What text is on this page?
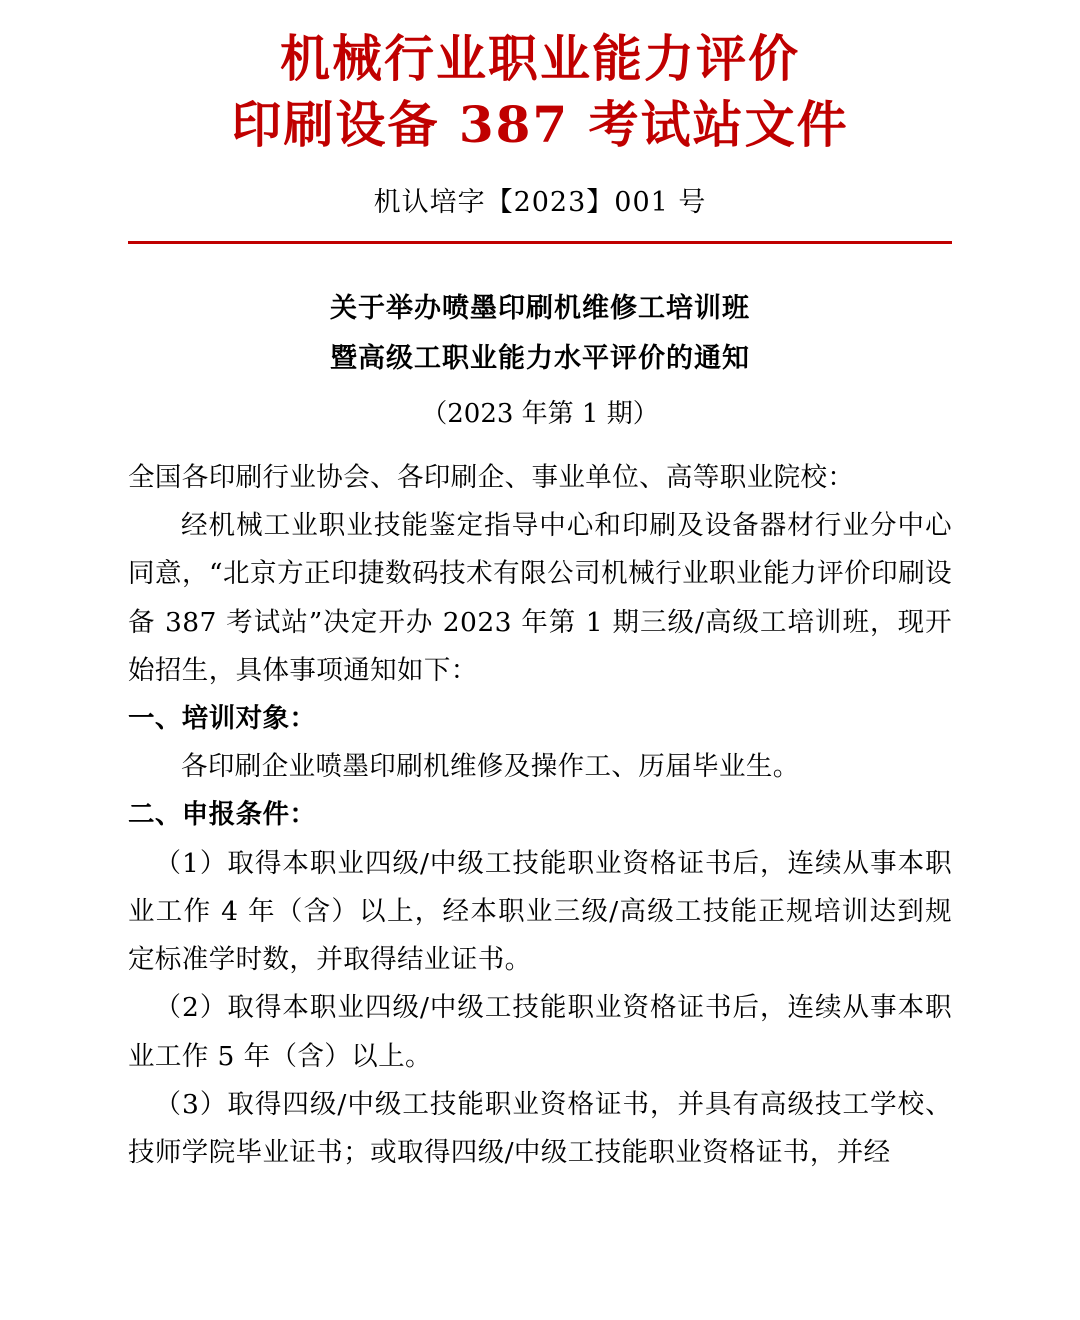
机械行业职业能力评价
印刷设备 387 考试站文件
机认培字【2023】001 号
关于举办喷墨印刷机维修工培训班
暨高级工职业能力水平评价的通知
（2023 年第 1 期）

全国各印刷行业协会、各印刷企、事业单位、高等职业院校：

经机械工业职业技能鉴定指导中心和印刷及设备器材行业分中心同意，“北京方正印捷数码技术有限公司机械行业职业能力评价印刷设备 387 考试站”决定开办 2023 年第 1 期三级/高级工培训班，现开始招生，具体事项通知如下：

一、培训对象：

各印刷企业喷墨印刷机维修及操作工、历届毕业生。

二、申报条件：

（1）取得本职业四级/中级工技能职业资格证书后，连续从事本职业工作 4 年（含）以上，经本职业三级/高级工技能正规培训达到规定标准学时数，并取得结业证书。

（2）取得本职业四级/中级工技能职业资格证书后，连续从事本职业工作 5 年（含）以上。

（3）取得四级/中级工技能职业资格证书，并具有高级技工学校、技师学院毕业证书；或取得四级/中级工技能职业资格证书，并经
